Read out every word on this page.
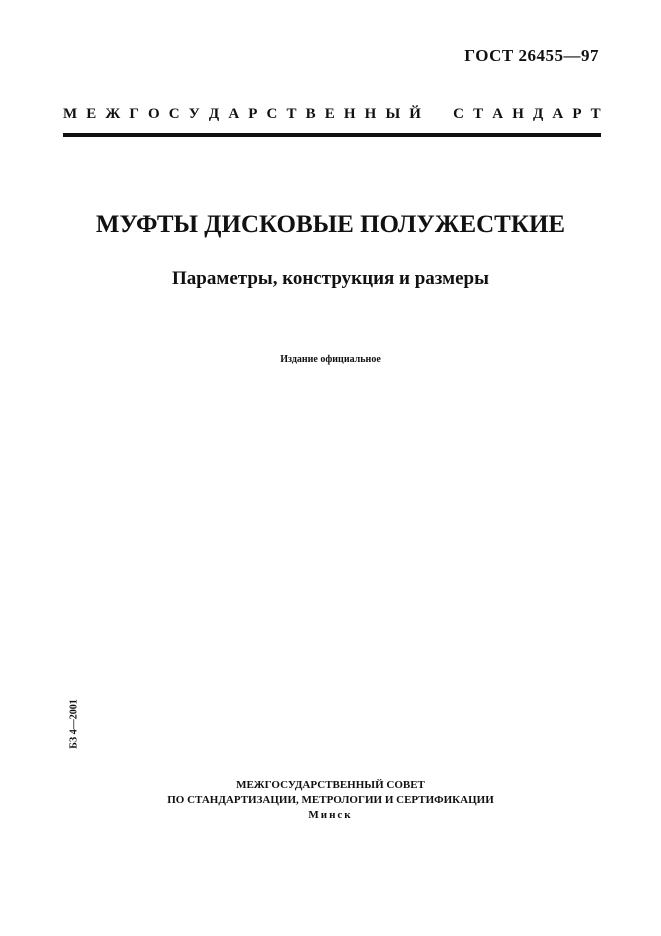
ГОСТ 26455—97
М Е Ж Г О С У Д А Р С Т В Е Н Н Ы Й С Т А Н Д А Р Т
МУФТЫ ДИСКОВЫЕ ПОЛУЖЕСТКИЕ
Параметры, конструкция и размеры
Издание официальное
БЗ 4—2001
МЕЖГОСУДАРСТВЕННЫЙ СОВЕТ
ПО СТАНДАРТИЗАЦИИ, МЕТРОЛОГИИ И СЕРТИФИКАЦИИ
Минск
